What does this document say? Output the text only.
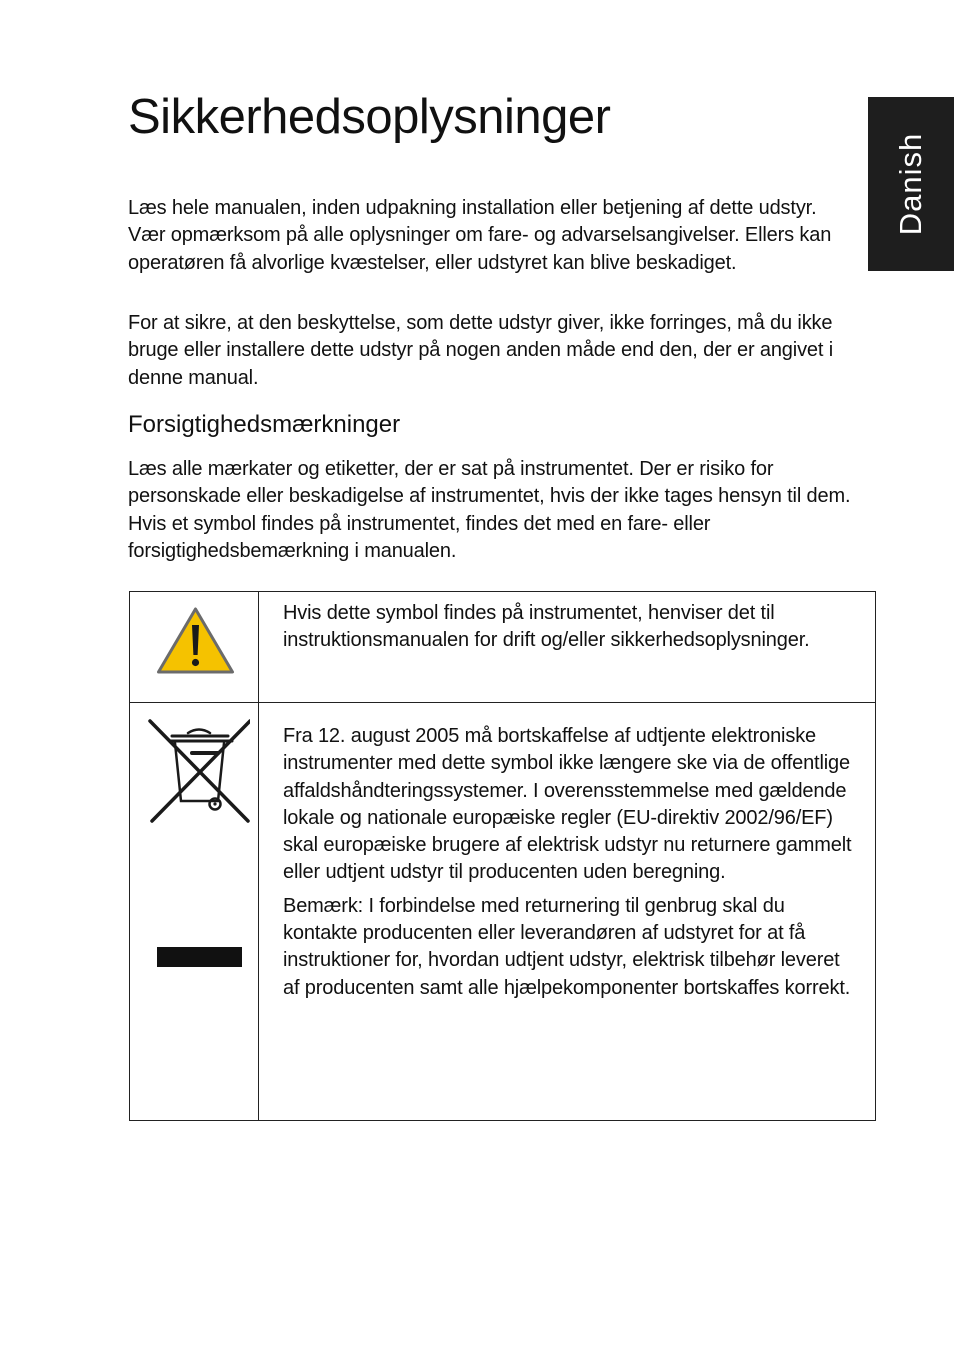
Sikkerhedsoplysninger
Danish

Læs hele manualen, inden udpakning installation eller betjening af dette udstyr. Vær opmærksom på alle oplysninger om fare- og advarselsangivelser. Ellers kan operatøren få alvorlige kvæstelser, eller udstyret kan blive beskadiget.

For at sikre, at den beskyttelse, som dette udstyr giver, ikke forringes, må du ikke bruge eller installere dette udstyr på nogen anden måde end den, der er angivet i denne manual.

Forsigtighedsmærkninger

Læs alle mærkater og etiketter, der er sat på instrumentet. Der er risiko for personskade eller beskadigelse af instrumentet, hvis der ikke tages hensyn til dem. Hvis et symbol findes på instrumentet, findes det med en fare- eller forsigtighedsbemærkning i manualen.

Hvis dette symbol findes på instrumentet, henviser det til instruktionsmanualen for drift og/eller sikkerhedsoplysninger.

Fra 12. august 2005 må bortskaffelse af udtjente elektroniske instrumenter med dette symbol ikke længere ske via de offentlige affaldshåndteringssystemer. I overensstemmelse med gældende lokale og nationale europæiske regler (EU-direktiv 2002/96/EF) skal europæiske brugere af elektrisk udstyr nu returnere gammelt eller udtjent udstyr til producenten uden beregning.

Bemærk: I forbindelse med returnering til genbrug skal du kontakte producenten eller leverandøren af udstyret for at få instruktioner for, hvordan udtjent udstyr, elektrisk tilbehør leveret af producenten samt alle hjælpekomponenter bortskaffes korrekt.
